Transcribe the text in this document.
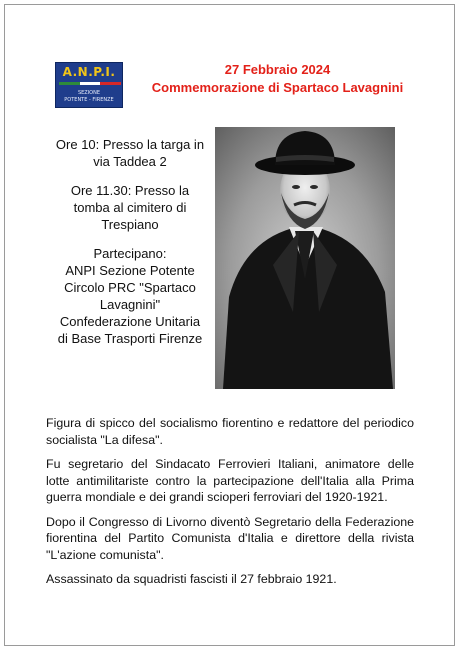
A.N.P.I.
SEZIONE
POTENTE - FIRENZE
27 Febbraio 2024
Commemorazione di Spartaco Lavagnini

Ore 10: Presso la targa in
via Taddea 2

Ore 11.30: Presso la
tomba al cimitero di
Trespiano

Partecipano:
ANPI Sezione Potente
Circolo PRC "Spartaco
Lavagnini"
Confederazione Unitaria
di Base Trasporti Firenze

Figura di spicco del socialismo fiorentino e redattore del periodico
socialista "La difesa".

Fu segretario del Sindacato Ferrovieri Italiani, animatore delle
lotte antimilitariste contro la partecipazione dell'Italia alla Prima
guerra mondiale e dei grandi scioperi ferroviari del 1920-1921.

Dopo il Congresso di Livorno diventò Segretario della Federazione
fiorentina del Partito Comunista d'Italia e direttore della rivista
"L'azione comunista".

Assassinato da squadristi fascisti il 27 febbraio 1921.
